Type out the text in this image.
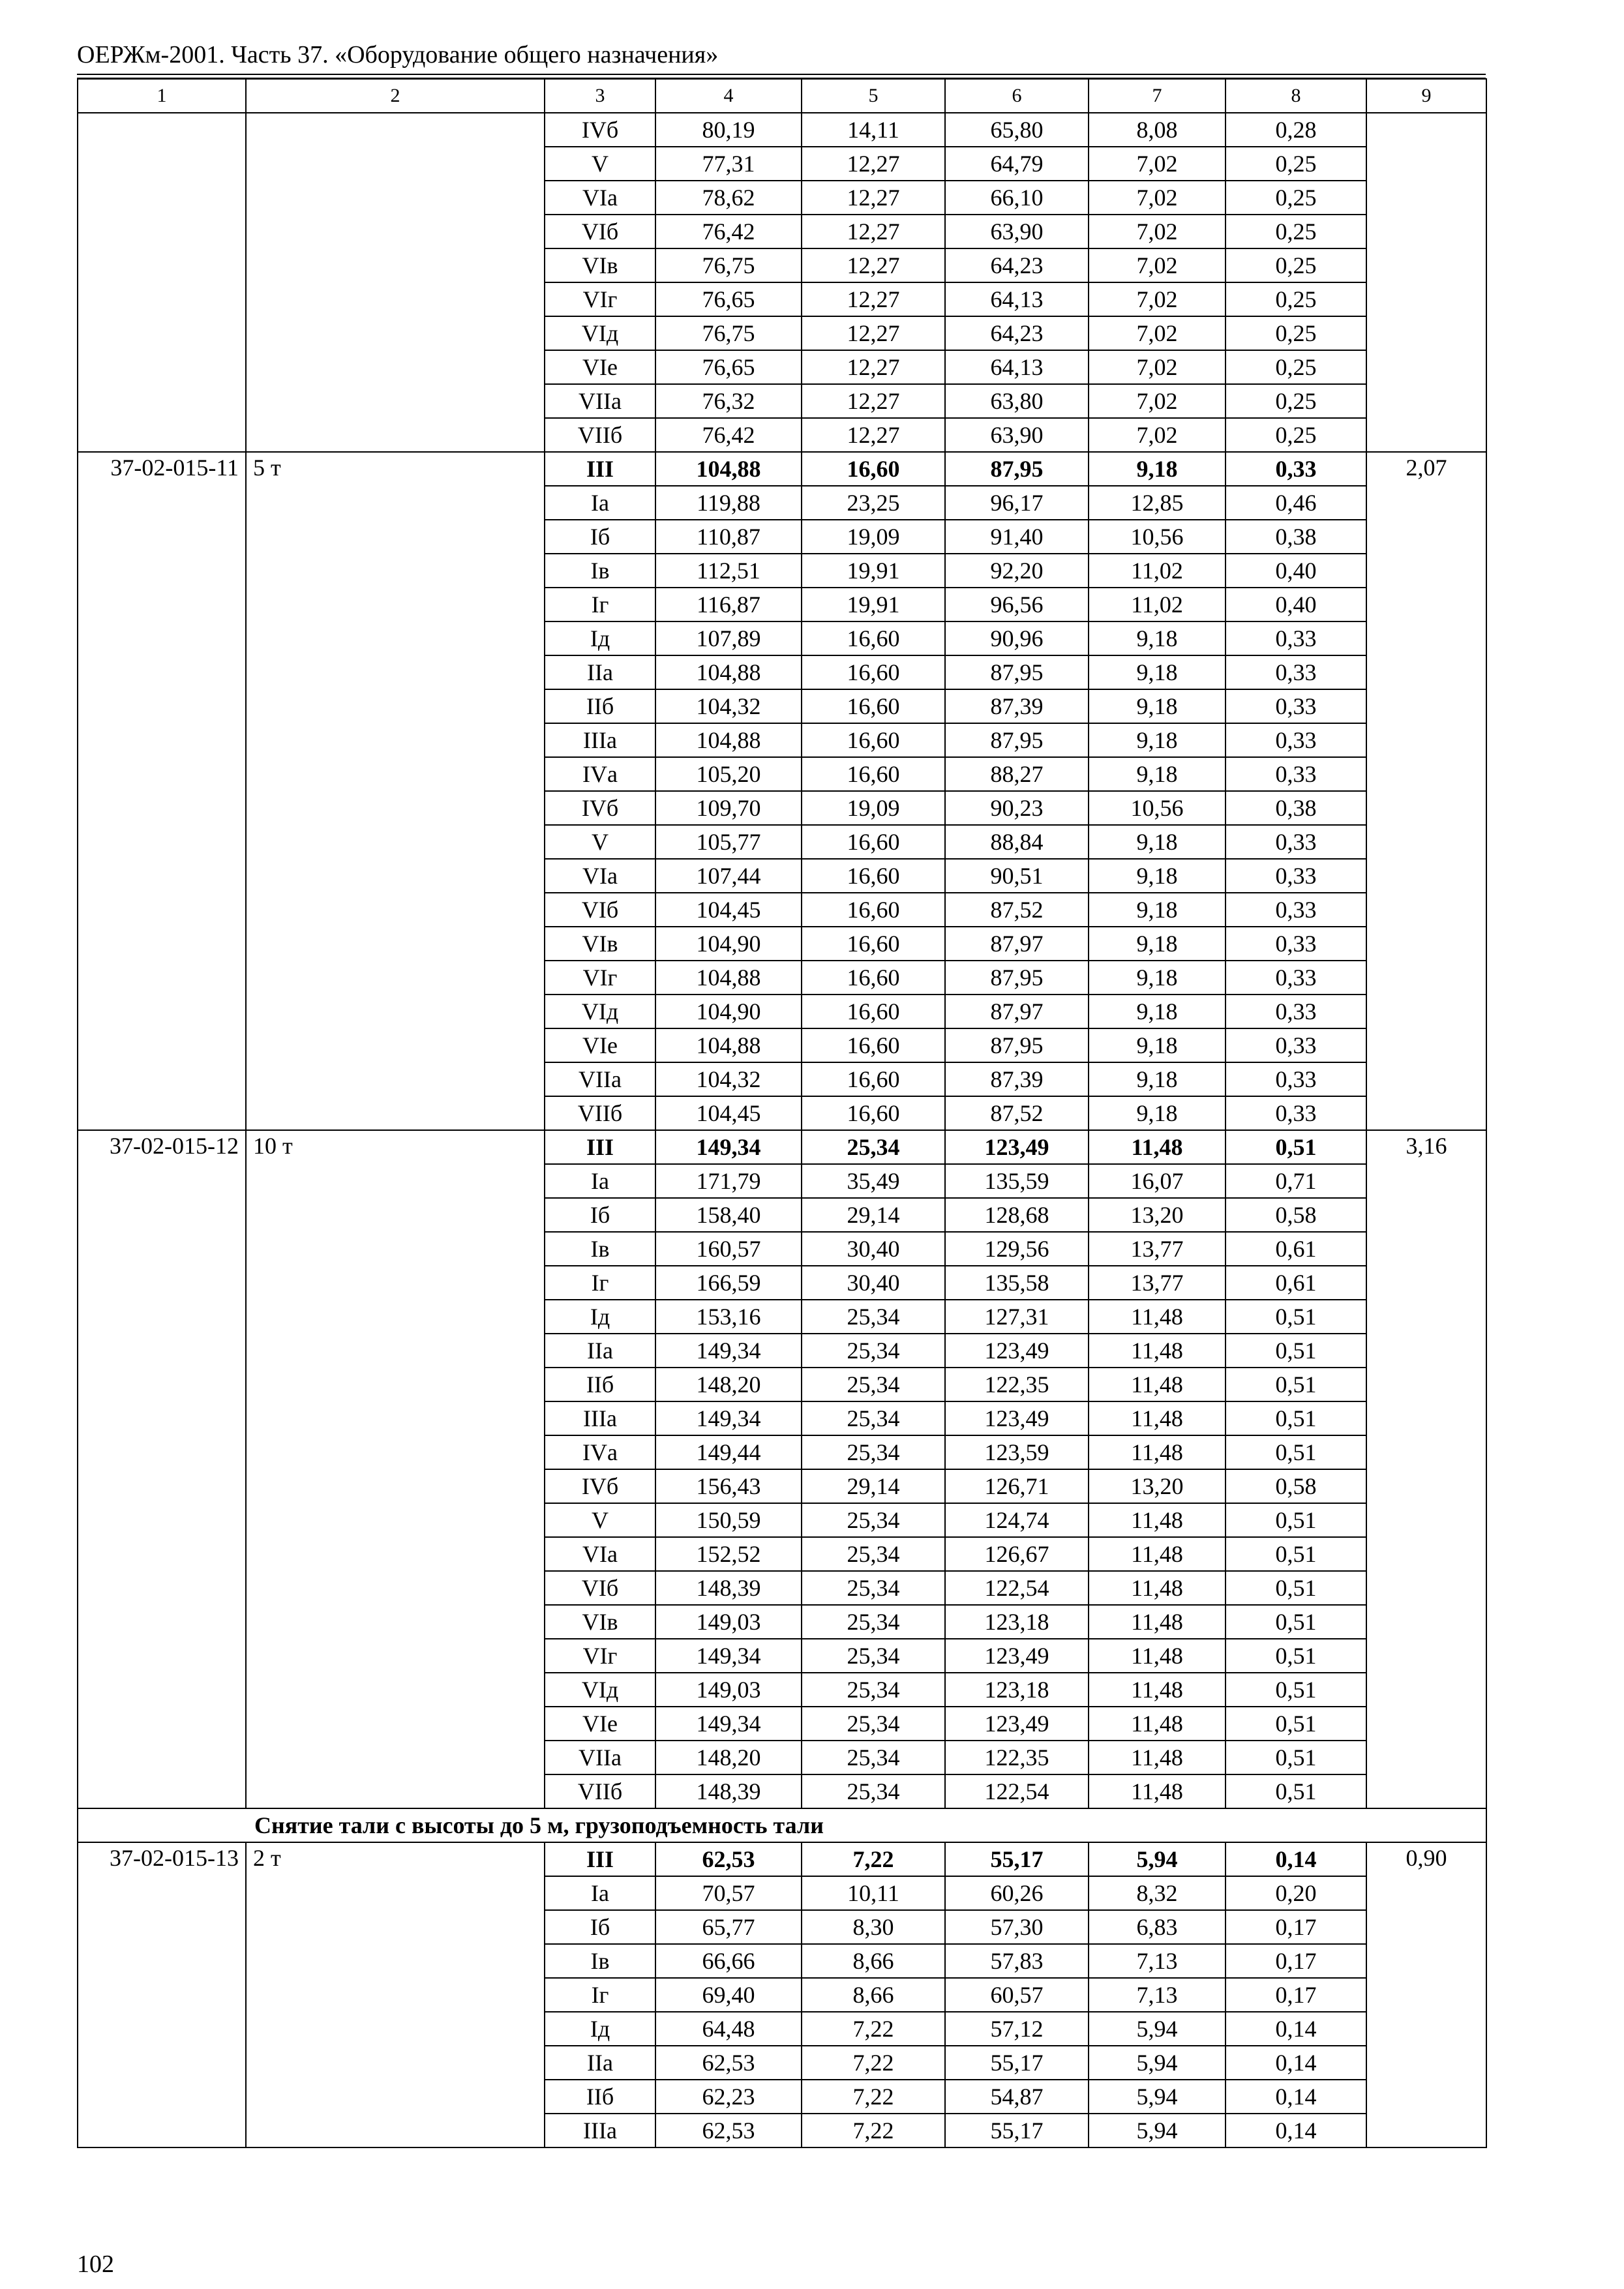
ОЕРЖм-2001. Часть 37. «Оборудование общего назначения»
1	2	3	4	5	6	7	8	9
		IVб	80,19	14,11	65,80	8,08	0,28	
		V	77,31	12,27	64,79	7,02	0,25	
		VIа	78,62	12,27	66,10	7,02	0,25	
		VIб	76,42	12,27	63,90	7,02	0,25	
		VIв	76,75	12,27	64,23	7,02	0,25	
		VIг	76,65	12,27	64,13	7,02	0,25	
		VIд	76,75	12,27	64,23	7,02	0,25	
		VIе	76,65	12,27	64,13	7,02	0,25	
		VIIа	76,32	12,27	63,80	7,02	0,25	
		VIIб	76,42	12,27	63,90	7,02	0,25	
37-02-015-11	5 т	III	104,88	16,60	87,95	9,18	0,33	2,07
		Iа	119,88	23,25	96,17	12,85	0,46	
		Iб	110,87	19,09	91,40	10,56	0,38	
		Iв	112,51	19,91	92,20	11,02	0,40	
		Iг	116,87	19,91	96,56	11,02	0,40	
		Iд	107,89	16,60	90,96	9,18	0,33	
		IIа	104,88	16,60	87,95	9,18	0,33	
		IIб	104,32	16,60	87,39	9,18	0,33	
		IIIа	104,88	16,60	87,95	9,18	0,33	
		IVа	105,20	16,60	88,27	9,18	0,33	
		IVб	109,70	19,09	90,23	10,56	0,38	
		V	105,77	16,60	88,84	9,18	0,33	
		VIа	107,44	16,60	90,51	9,18	0,33	
		VIб	104,45	16,60	87,52	9,18	0,33	
		VIв	104,90	16,60	87,97	9,18	0,33	
		VIг	104,88	16,60	87,95	9,18	0,33	
		VIд	104,90	16,60	87,97	9,18	0,33	
		VIе	104,88	16,60	87,95	9,18	0,33	
		VIIа	104,32	16,60	87,39	9,18	0,33	
		VIIб	104,45	16,60	87,52	9,18	0,33	
37-02-015-12	10 т	III	149,34	25,34	123,49	11,48	0,51	3,16
		Iа	171,79	35,49	135,59	16,07	0,71	
		Iб	158,40	29,14	128,68	13,20	0,58	
		Iв	160,57	30,40	129,56	13,77	0,61	
		Iг	166,59	30,40	135,58	13,77	0,61	
		Iд	153,16	25,34	127,31	11,48	0,51	
		IIа	149,34	25,34	123,49	11,48	0,51	
		IIб	148,20	25,34	122,35	11,48	0,51	
		IIIа	149,34	25,34	123,49	11,48	0,51	
		IVа	149,44	25,34	123,59	11,48	0,51	
		IVб	156,43	29,14	126,71	13,20	0,58	
		V	150,59	25,34	124,74	11,48	0,51	
		VIа	152,52	25,34	126,67	11,48	0,51	
		VIб	148,39	25,34	122,54	11,48	0,51	
		VIв	149,03	25,34	123,18	11,48	0,51	
		VIг	149,34	25,34	123,49	11,48	0,51	
		VIд	149,03	25,34	123,18	11,48	0,51	
		VIе	149,34	25,34	123,49	11,48	0,51	
		VIIа	148,20	25,34	122,35	11,48	0,51	
		VIIб	148,39	25,34	122,54	11,48	0,51	
Снятие тали с высоты до 5 м, грузоподъемность тали								
37-02-015-13	2 т	III	62,53	7,22	55,17	5,94	0,14	0,90
		Iа	70,57	10,11	60,26	8,32	0,20	
		Iб	65,77	8,30	57,30	6,83	0,17	
		Iв	66,66	8,66	57,83	7,13	0,17	
		Iг	69,40	8,66	60,57	7,13	0,17	
		Iд	64,48	7,22	57,12	5,94	0,14	
		IIа	62,53	7,22	55,17	5,94	0,14	
		IIб	62,23	7,22	54,87	5,94	0,14	
		IIIа	62,53	7,22	55,17	5,94	0,14	
102
